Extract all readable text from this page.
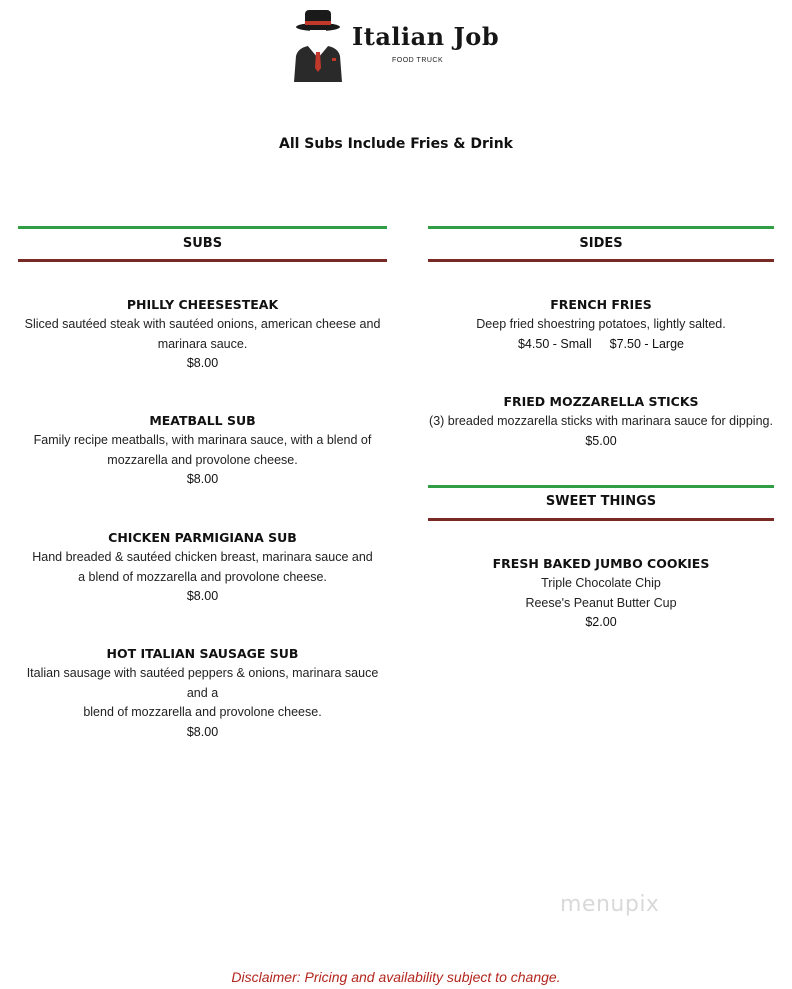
Italian Job
FOOD TRUCK
All Subs Include Fries & Drink
SUBS
PHILLY CHEESESTEAK
Sliced sautéed steak with sautéed onions, american cheese and
marinara sauce.
$8.00
MEATBALL SUB
Family recipe meatballs, with marinara sauce, with a blend of
mozzarella and provolone cheese.
$8.00
CHICKEN PARMIGIANA SUB
Hand breaded & sautéed chicken breast, marinara sauce and
a blend of mozzarella and provolone cheese.
$8.00
HOT ITALIAN SAUSAGE SUB
Italian sausage with sautéed peppers & onions, marinara sauce and a
blend of mozzarella and provolone cheese.
$8.00
SIDES
FRENCH FRIES
Deep fried shoestring potatoes, lightly salted.
$4.50 - Small $7.50 - Large
FRIED MOZZARELLA STICKS
(3) breaded mozzarella sticks with marinara sauce for dipping.
$5.00
SWEET THINGS
FRESH BAKED JUMBO COOKIES
Triple Chocolate Chip
Reese's Peanut Butter Cup
$2.00
menupix
Disclaimer: Pricing and availability subject to change.
